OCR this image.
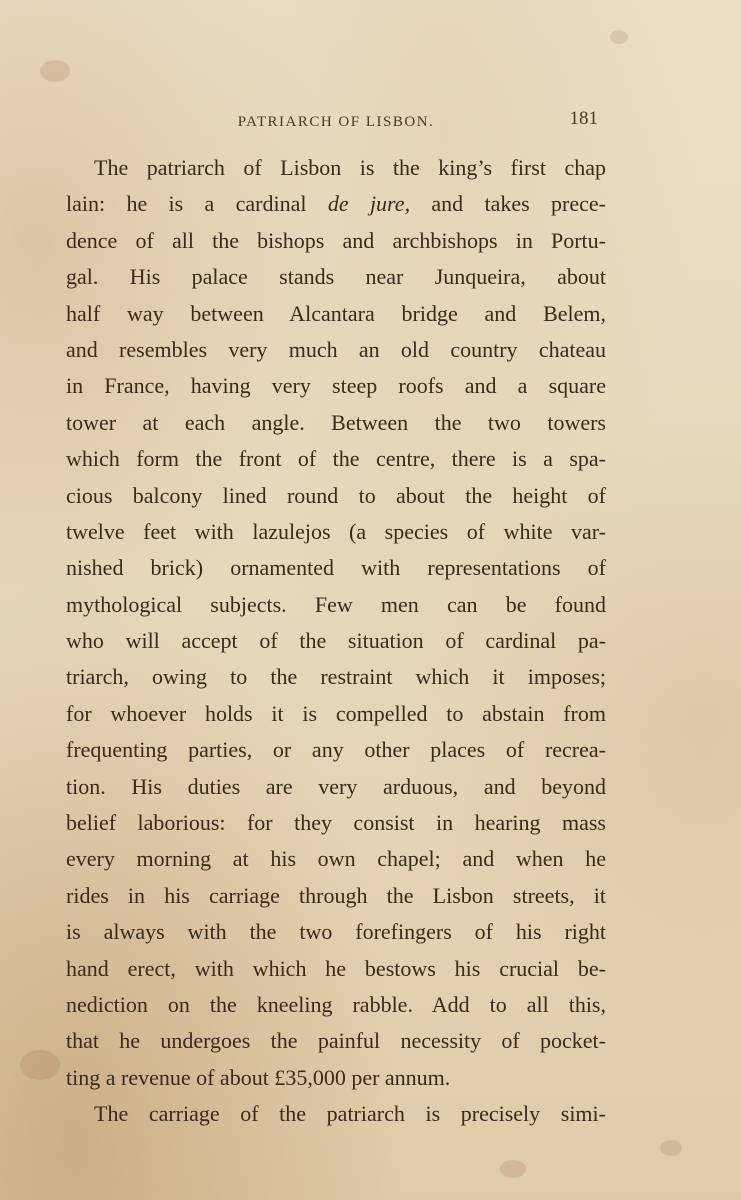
PATRIARCH OF LISBON.	181
The patriarch of Lisbon is the king’s first chap
lain: he is a cardinal de jure, and takes prece-
dence of all the bishops and archbishops in Portu-
gal. His palace stands near Junqueira, about
half way between Alcantara bridge and Belem,
and resembles very much an old country chateau
in France, having very steep roofs and a square
tower at each angle. Between the two towers
which form the front of the centre, there is a spa-
cious balcony lined round to about the height of
twelve feet with lazulejos (a species of white var-
nished brick) ornamented with representations of
mythological subjects. Few men can be found
who will accept of the situation of cardinal pa-
triarch, owing to the restraint which it imposes;
for whoever holds it is compelled to abstain from
frequenting parties, or any other places of recrea-
tion. His duties are very arduous, and beyond
belief laborious: for they consist in hearing mass
every morning at his own chapel; and when he
rides in his carriage through the Lisbon streets, it
is always with the two forefingers of his right
hand erect, with which he bestows his crucial be-
nediction on the kneeling rabble. Add to all this,
that he undergoes the painful necessity of pocket-
ting a revenue of about £35,000 per annum.
The carriage of the patriarch is precisely simi-
